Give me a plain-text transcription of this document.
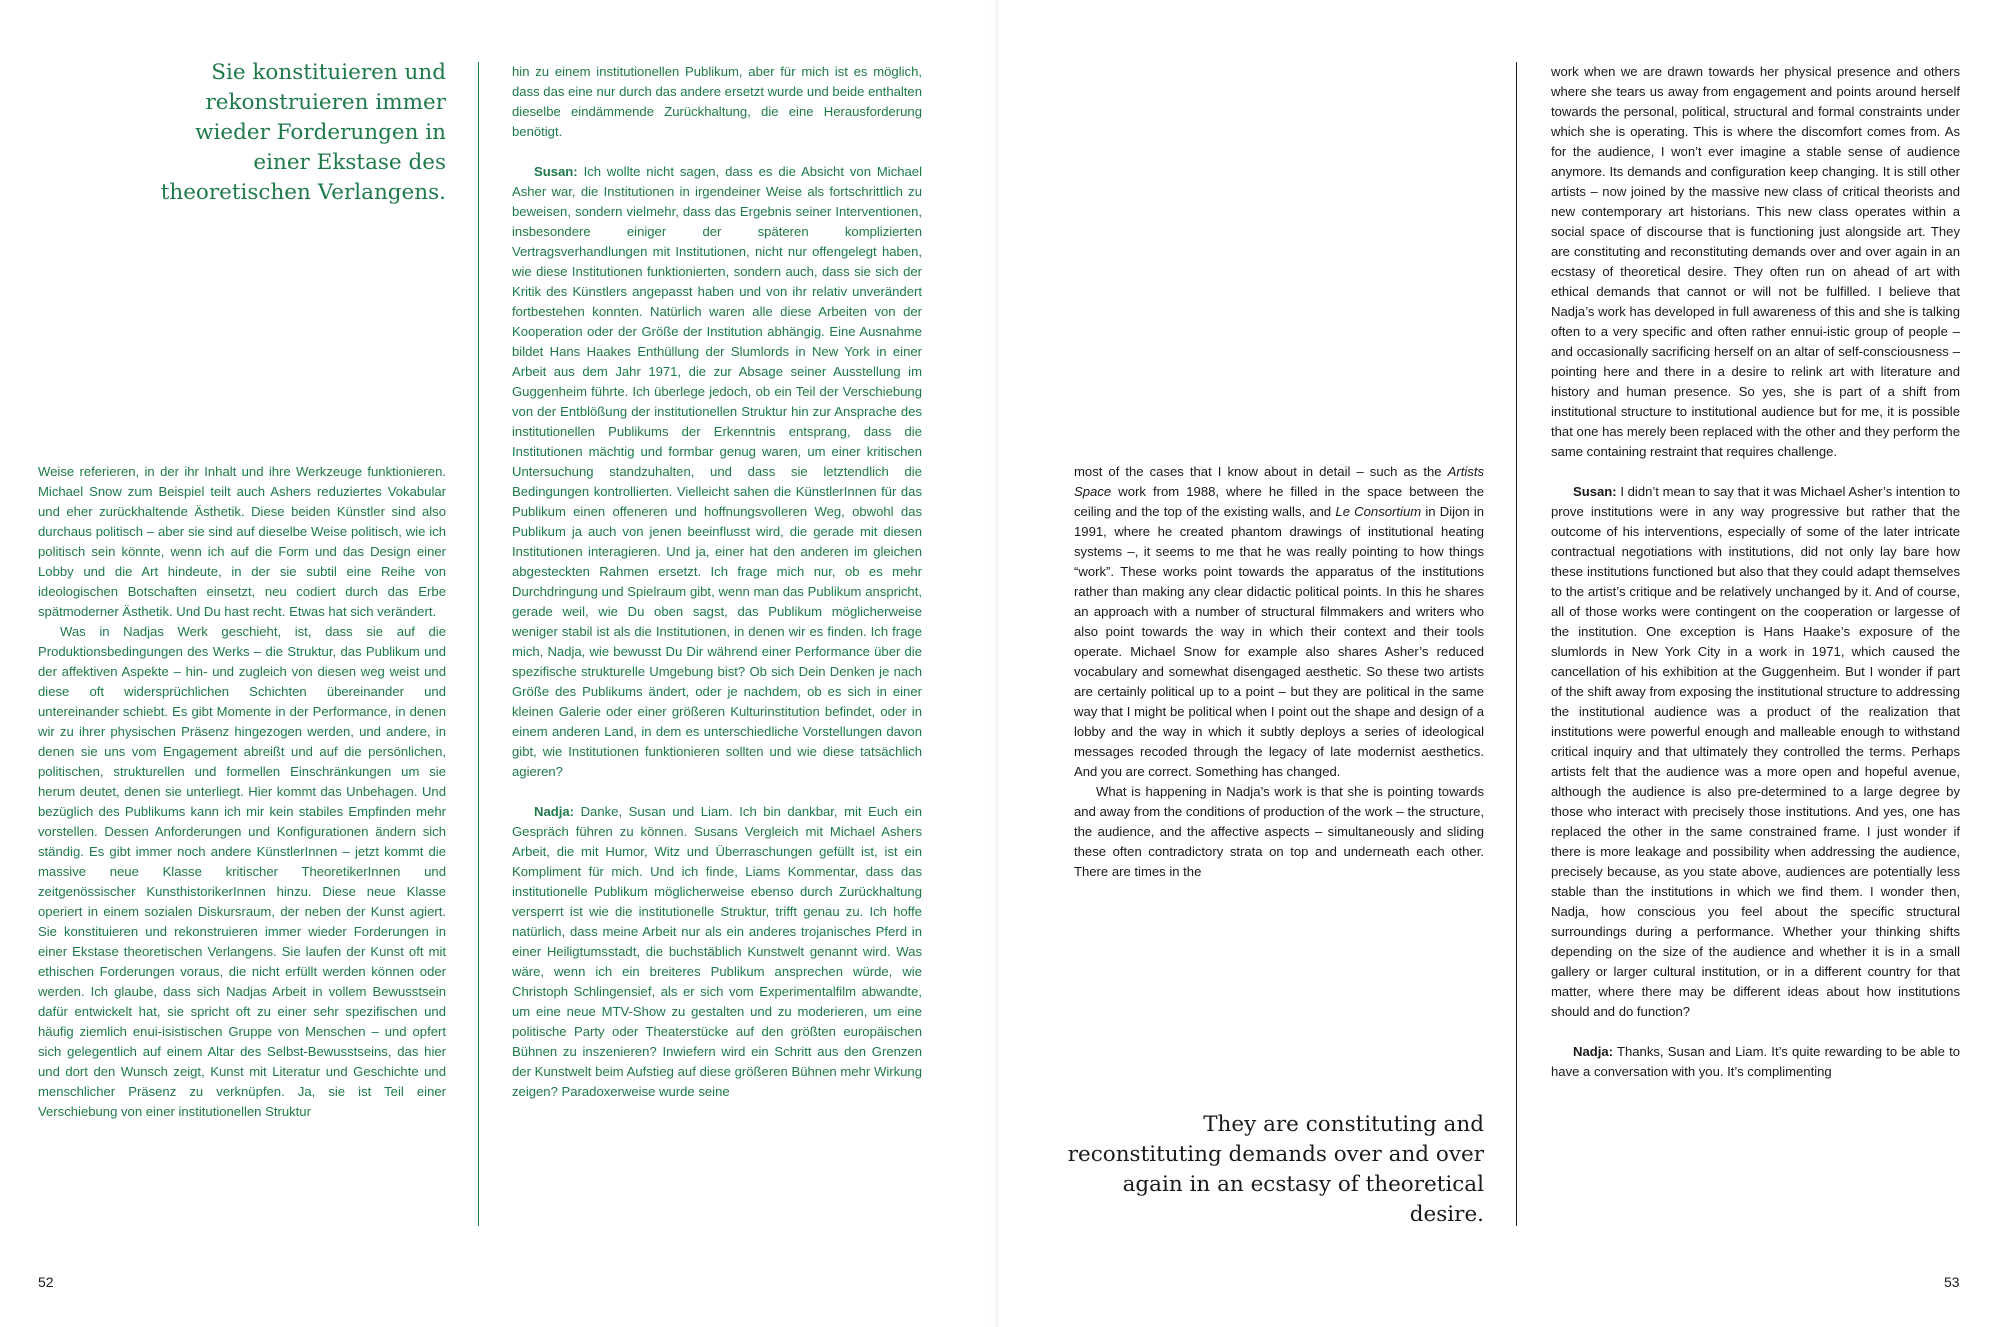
Sie konstituieren und rekonstruieren immer wieder Forderungen in einer Ekstase des theoretischen Verlangens.

Weise referieren, in der ihr Inhalt und ihre Werkzeuge funktionieren. Michael Snow zum Beispiel teilt auch Ashers reduziertes Vokabular und eher zurückhaltende Ästhetik. Diese beiden Künstler sind also durchaus politisch – aber sie sind auf dieselbe Weise politisch, wie ich politisch sein könnte, wenn ich auf die Form und das Design einer Lobby und die Art hindeute, in der sie subtil eine Reihe von ideologischen Botschaften einsetzt, neu codiert durch das Erbe spätmoderner Ästhetik. Und Du hast recht. Etwas hat sich verändert.

Was in Nadjas Werk geschieht, ist, dass sie auf die Produktionsbedingungen des Werks – die Struktur, das Publikum und der affektiven Aspekte – hin- und zugleich von diesen weg weist und diese oft widersprüchlichen Schichten übereinander und untereinander schiebt. Es gibt Momente in der Performance, in denen wir zu ihrer physischen Präsenz hingezogen werden, und andere, in denen sie uns vom Engagement abreißt und auf die persönlichen, politischen, strukturellen und formellen Einschränkungen um sie herum deutet, denen sie unterliegt. Hier kommt das Unbehagen. Und bezüglich des Publikums kann ich mir kein stabiles Empfinden mehr vorstellen. Dessen Anforderungen und Konfigurationen ändern sich ständig. Es gibt immer noch andere KünstlerInnen – jetzt kommt die massive neue Klasse kritischer TheoretikerInnen und zeitgenössischer KunsthistorikerInnen hinzu. Diese neue Klasse operiert in einem sozialen Diskursraum, der neben der Kunst agiert. Sie konstituieren und rekonstruieren immer wieder Forderungen in einer Ekstase theoretischen Verlangens. Sie laufen der Kunst oft mit ethischen Forderungen voraus, die nicht erfüllt werden können oder werden. Ich glaube, dass sich Nadjas Arbeit in vollem Bewusstsein dafür entwickelt hat, sie spricht oft zu einer sehr spezifischen und häufig ziemlich enui-isistischen Gruppe von Menschen – und opfert sich gelegentlich auf einem Altar des Selbst-Bewusstseins, das hier und dort den Wunsch zeigt, Kunst mit Literatur und Geschichte und menschlicher Präsenz zu verknüpfen. Ja, sie ist Teil einer Verschiebung von einer institutionellen Struktur

hin zu einem institutionellen Publikum, aber für mich ist es möglich, dass das eine nur durch das andere ersetzt wurde und beide enthalten dieselbe eindämmende Zurückhaltung, die eine Herausforderung benötigt.

Susan: Ich wollte nicht sagen, dass es die Absicht von Michael Asher war, die Institutionen in irgendeiner Weise als fortschrittlich zu beweisen, sondern vielmehr, dass das Ergebnis seiner Interventionen, insbesondere einiger der späteren komplizierten Vertragsverhandlungen mit Institutionen, nicht nur offengelegt haben, wie diese Institutionen funktionierten, sondern auch, dass sie sich der Kritik des Künstlers angepasst haben und von ihr relativ unverändert fortbestehen konnten. Natürlich waren alle diese Arbeiten von der Kooperation oder der Größe der Institution abhängig. Eine Ausnahme bildet Hans Haakes Enthüllung der Slumlords in New York in einer Arbeit aus dem Jahr 1971, die zur Absage seiner Ausstellung im Guggenheim führte. Ich überlege jedoch, ob ein Teil der Verschiebung von der Entblößung der institutionellen Struktur hin zur Ansprache des institutionellen Publikums der Erkenntnis entsprang, dass die Institutionen mächtig und formbar genug waren, um einer kritischen Untersuchung standzuhalten, und dass sie letztendlich die Bedingungen kontrollierten. Vielleicht sahen die KünstlerInnen für das Publikum einen offeneren und hoffnungsvolleren Weg, obwohl das Publikum ja auch von jenen beeinflusst wird, die gerade mit diesen Institutionen interagieren. Und ja, einer hat den anderen im gleichen abgesteckten Rahmen ersetzt. Ich frage mich nur, ob es mehr Durchdringung und Spielraum gibt, wenn man das Publikum anspricht, gerade weil, wie Du oben sagst, das Publikum möglicherweise weniger stabil ist als die Institutionen, in denen wir es finden. Ich frage mich, Nadja, wie bewusst Du Dir während einer Performance über die spezifische strukturelle Umgebung bist? Ob sich Dein Denken je nach Größe des Publikums ändert, oder je nachdem, ob es sich in einer kleinen Galerie oder einer größeren Kulturinstitution befindet, oder in einem anderen Land, in dem es unterschiedliche Vorstellungen davon gibt, wie Institutionen funktionieren sollten und wie diese tatsächlich agieren?

Nadja: Danke, Susan und Liam. Ich bin dankbar, mit Euch ein Gespräch führen zu können. Susans Vergleich mit Michael Ashers Arbeit, die mit Humor, Witz und Überraschungen gefüllt ist, ist ein Kompliment für mich. Und ich finde, Liams Kommentar, dass das institutionelle Publikum möglicherweise ebenso durch Zurückhaltung versperrt ist wie die institutionelle Struktur, trifft genau zu. Ich hoffe natürlich, dass meine Arbeit nur als ein anderes trojanisches Pferd in einer Heiligtumsstadt, die buchstäblich Kunstwelt genannt wird. Was wäre, wenn ich ein breiteres Publikum ansprechen würde, wie Christoph Schlingensief, als er sich vom Experimentalfilm abwandte, um eine neue MTV-Show zu gestalten und zu moderieren, um eine politische Party oder Theaterstücke auf den größten europäischen Bühnen zu inszenieren? Inwiefern wird ein Schritt aus den Grenzen der Kunstwelt beim Aufstieg auf diese größeren Bühnen mehr Wirkung zeigen? Paradoxerweise wurde seine

52

most of the cases that I know about in detail – such as the Artists Space work from 1988, where he filled in the space between the ceiling and the top of the existing walls, and Le Consortium in Dijon in 1991, where he created phantom drawings of institutional heating systems –, it seems to me that he was really pointing to how things “work”. These works point towards the apparatus of the institutions rather than making any clear didactic political points. In this he shares an approach with a number of structural filmmakers and writers who also point towards the way in which their context and their tools operate. Michael Snow for example also shares Asher’s reduced vocabulary and somewhat disengaged aesthetic. So these two artists are certainly political up to a point – but they are political in the same way that I might be political when I point out the shape and design of a lobby and the way in which it subtly deploys a series of ideological messages recoded through the legacy of late modernist aesthetics. And you are correct. Something has changed.

What is happening in Nadja’s work is that she is pointing towards and away from the conditions of production of the work – the structure, the audience, and the affective aspects – simultaneously and sliding these often contradictory strata on top and underneath each other. There are times in the

They are constituting and reconstituting demands over and over again in an ecstasy of theoretical desire.

work when we are drawn towards her physical presence and others where she tears us away from engagement and points around herself towards the personal, political, structural and formal constraints under which she is operating. This is where the discomfort comes from. As for the audience, I won’t ever imagine a stable sense of audience anymore. Its demands and configuration keep changing. It is still other artists – now joined by the massive new class of critical theorists and new contemporary art historians. This new class operates within a social space of discourse that is functioning just alongside art. They are constituting and reconstituting demands over and over again in an ecstasy of theoretical desire. They often run on ahead of art with ethical demands that cannot or will not be fulfilled. I believe that Nadja’s work has developed in full awareness of this and she is talking often to a very specific and often rather ennui-istic group of people – and occasionally sacrificing herself on an altar of self-consciousness – pointing here and there in a desire to relink art with literature and history and human presence. So yes, she is part of a shift from institutional structure to institutional audience but for me, it is possible that one has merely been replaced with the other and they perform the same containing restraint that requires challenge.

Susan: I didn’t mean to say that it was Michael Asher’s intention to prove institutions were in any way progressive but rather that the outcome of his interventions, especially of some of the later intricate contractual negotiations with institutions, did not only lay bare how these institutions functioned but also that they could adapt themselves to the artist’s critique and be relatively unchanged by it. And of course, all of those works were contingent on the cooperation or largesse of the institution. One exception is Hans Haake’s exposure of the slumlords in New York City in a work in 1971, which caused the cancellation of his exhibition at the Guggenheim. But I wonder if part of the shift away from exposing the institutional structure to addressing the institutional audience was a product of the realization that institutions were powerful enough and malleable enough to withstand critical inquiry and that ultimately they controlled the terms. Perhaps artists felt that the audience was a more open and hopeful avenue, although the audience is also pre-determined to a large degree by those who interact with precisely those institutions. And yes, one has replaced the other in the same constrained frame. I just wonder if there is more leakage and possibility when addressing the audience, precisely because, as you state above, audiences are potentially less stable than the institutions in which we find them. I wonder then, Nadja, how conscious you feel about the specific structural surroundings during a performance. Whether your thinking shifts depending on the size of the audience and whether it is in a small gallery or larger cultural institution, or in a different country for that matter, where there may be different ideas about how institutions should and do function?

Nadja: Thanks, Susan and Liam. It’s quite rewarding to be able to have a conversation with you. It’s complimenting

53
